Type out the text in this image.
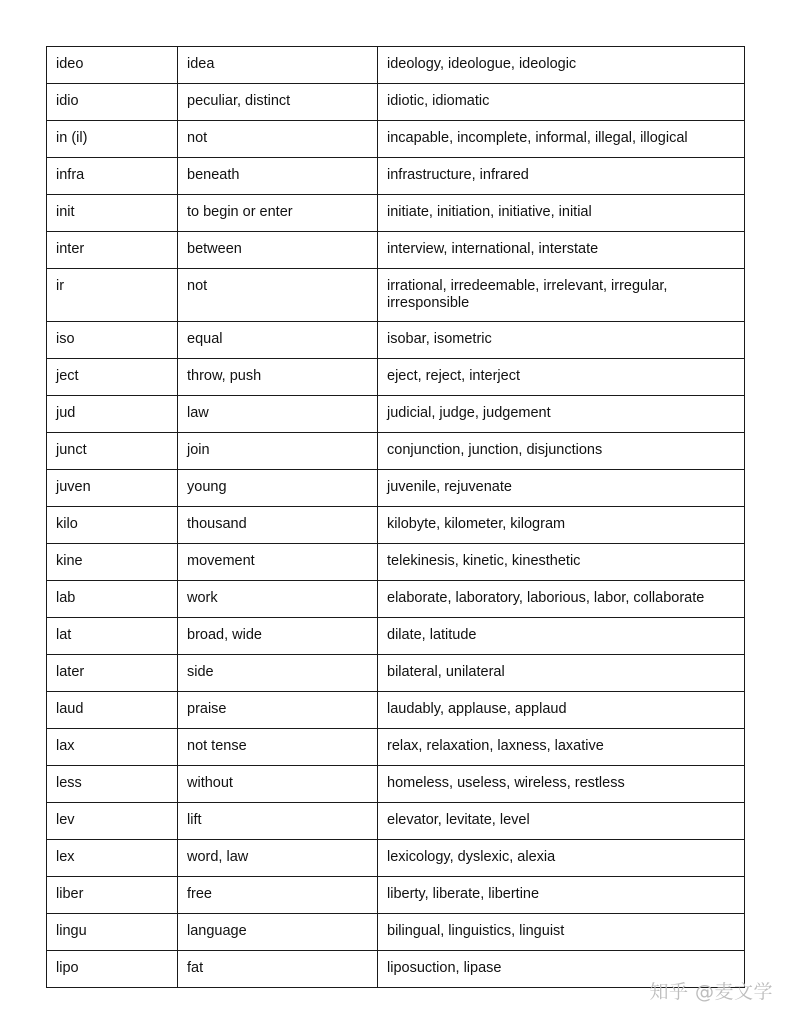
ideo	idea	ideology, ideologue, ideologic
idio	peculiar, distinct	idiotic, idiomatic
in (il)	not	incapable, incomplete, informal, illegal, illogical
infra	beneath	infrastructure, infrared
init	to begin or enter	initiate, initiation, initiative, initial
inter	between	interview, international, interstate
ir	not	irrational, irredeemable, irrelevant, irregular, irresponsible
iso	equal	isobar, isometric
ject	throw, push	eject, reject, interject
jud	law	judicial, judge, judgement
junct	join	conjunction, junction, disjunctions
juven	young	juvenile, rejuvenate
kilo	thousand	kilobyte, kilometer, kilogram
kine	movement	telekinesis, kinetic, kinesthetic
lab	work	elaborate, laboratory, laborious, labor, collaborate
lat	broad, wide	dilate, latitude
later	side	bilateral, unilateral
laud	praise	laudably, applause, applaud
lax	not tense	relax, relaxation, laxness, laxative
less	without	homeless, useless, wireless, restless
lev	lift	elevator, levitate, level
lex	word, law	lexicology, dyslexic, alexia
liber	free	liberty, liberate, libertine
lingu	language	bilingual, linguistics, linguist
lipo	fat	liposuction, lipase
知乎 @麦文学
